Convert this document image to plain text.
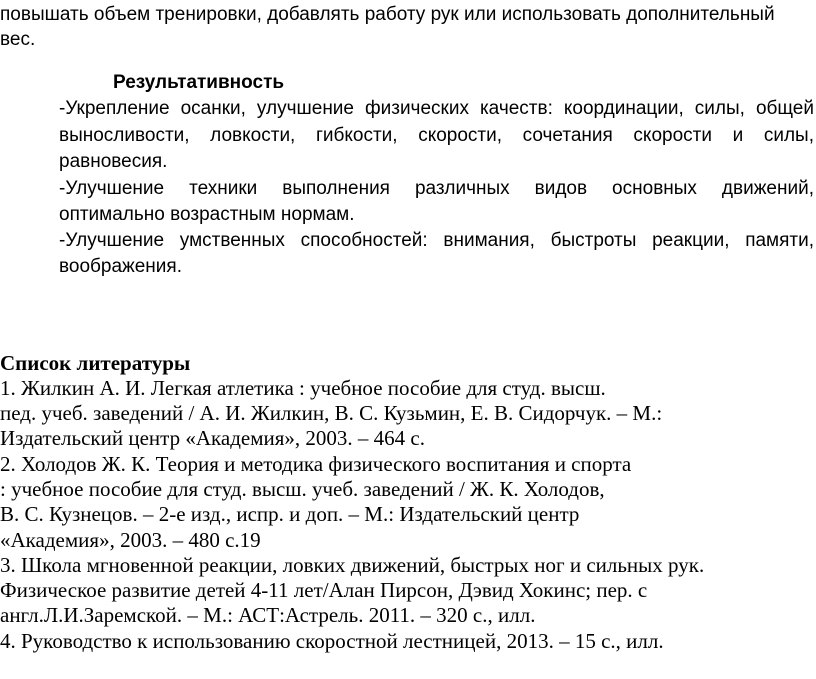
повышать объем тренировки, добавлять работу рук или использовать дополнительный
вес.
Результативность
-Укрепление осанки, улучшение физических качеств: координации, силы, общей
выносливости, ловкости, гибкости, скорости, сочетания скорости и силы,
равновесия.
-Улучшение техники выполнения различных видов основных движений,
оптимально возрастным нормам.
-Улучшение умственных способностей: внимания, быстроты реакции, памяти,
воображения.
Список литературы
1. Жилкин А. И. Легкая атлетика : учебное пособие для студ. высш.
пед. учеб. заведений / А. И. Жилкин, В. С. Кузьмин, Е. В. Сидорчук. – М.:
Издательский центр «Академия», 2003. – 464 с.
2. Холодов Ж. К. Теория и методика физического воспитания и спорта
: учебное пособие для студ. высш. учеб. заведений / Ж. К. Холодов,
В. С. Кузнецов. – 2-е изд., испр. и доп. – М.: Издательский центр
«Академия», 2003. – 480 с.19
3. Школа мгновенной реакции, ловких движений, быстрых ног и сильных рук.
Физическое развитие детей 4-11 лет/Алан Пирсон, Дэвид Хокинс; пер. с
англ.Л.И.Заремской. – М.: АСТ:Астрель. 2011. – 320 с., илл.
4. Руководство к использованию скоростной лестницей, 2013. – 15 с., илл.
